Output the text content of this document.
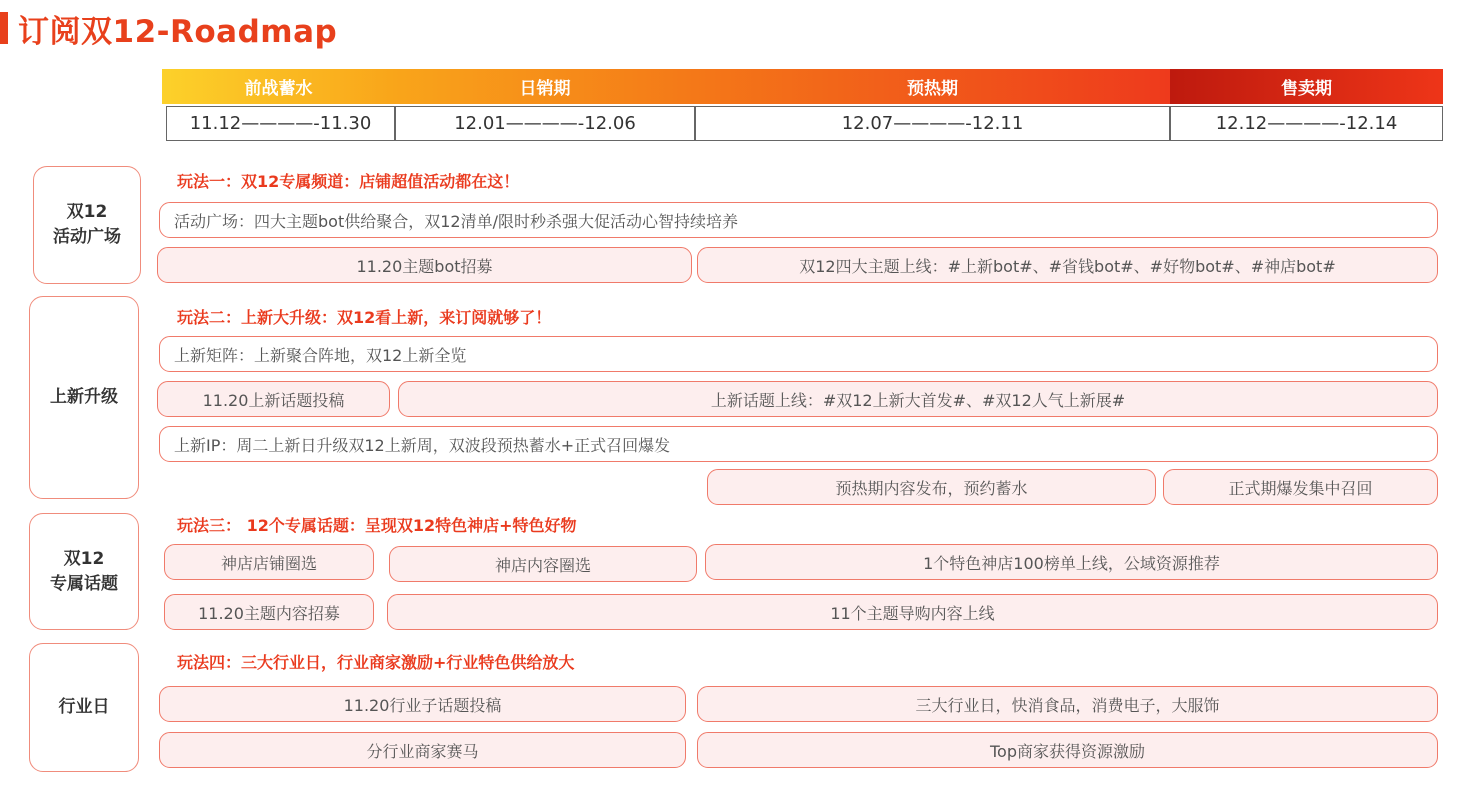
订阅双12-Roadmap
前战蓄水	日销期	预热期	售卖期
11.12————-11.30	12.01————-12.06	12.07————-12.11	12.12————-12.14
双12
活动广场
上新升级
双12
专属话题
行业日
玩法一：双12专属频道：店铺超值活动都在这！
玩法二：上新大升级：双12看上新，来订阅就够了！
玩法三： 12个专属话题：呈现双12特色神店+特色好物
玩法四：三大行业日，行业商家激励+行业特色供给放大
活动广场：四大主题bot供给聚合，双12清单/限时秒杀强大促活动心智持续培养
11.20主题bot招募	双12四大主题上线：#上新bot#、#省钱bot#、#好物bot#、#神店bot#
上新矩阵：上新聚合阵地，双12上新全览
11.20上新话题投稿	上新话题上线：#双12上新大首发#、#双12人气上新展#
上新IP：周二上新日升级双12上新周，双波段预热蓄水+正式召回爆发
预热期内容发布，预约蓄水	正式期爆发集中召回
神店店铺圈选	神店内容圈选	1个特色神店100榜单上线，公域资源推荐
11.20主题内容招募	11个主题导购内容上线
11.20行业子话题投稿	三大行业日，快消食品，消费电子，大服饰
分行业商家赛马	Top商家获得资源激励
